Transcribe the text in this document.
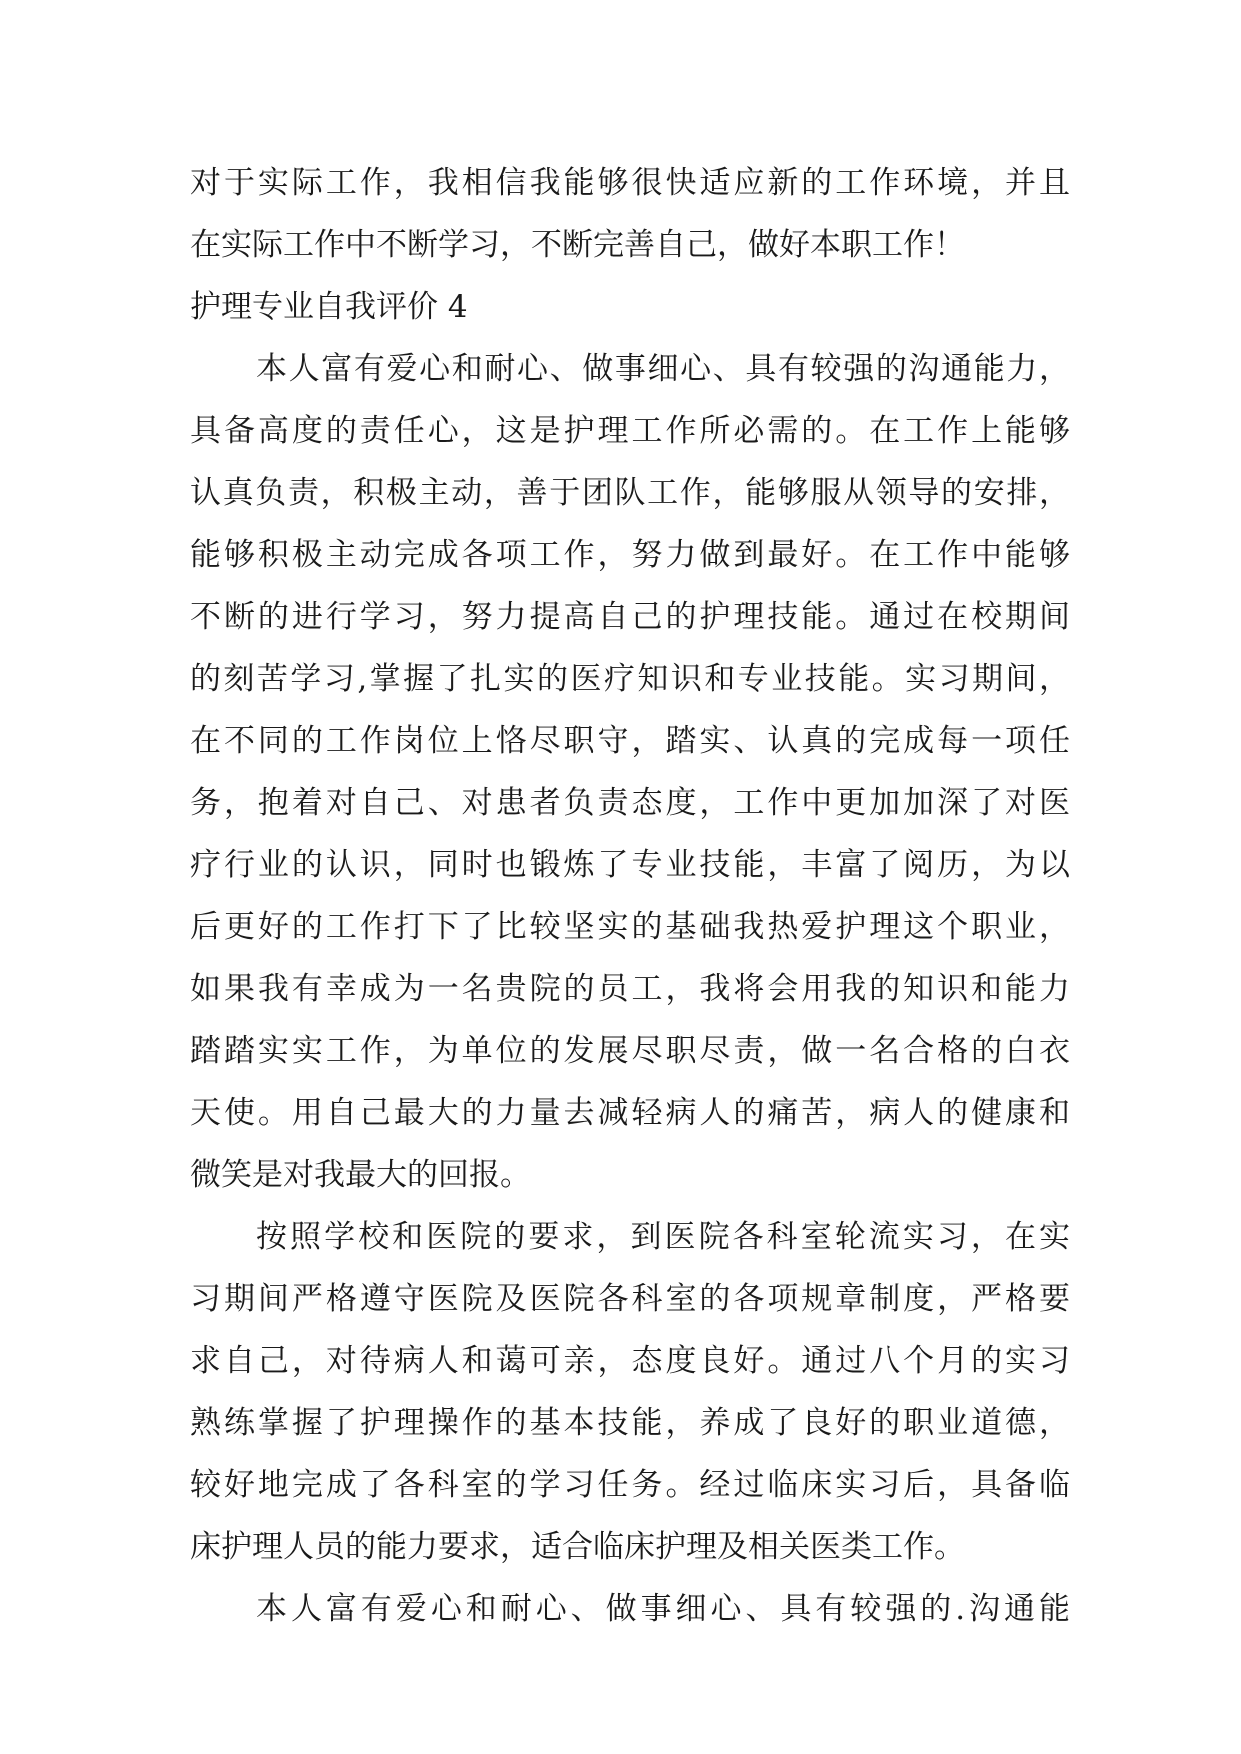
对于实际工作，我相信我能够很快适应新的工作环境，并且
在实际工作中不断学习，不断完善自己，做好本职工作！
护理专业自我评价 4
本人富有爱心和耐心、做事细心、具有较强的沟通能力，
具备高度的责任心，这是护理工作所必需的。在工作上能够
认真负责，积极主动，善于团队工作，能够服从领导的安排，
能够积极主动完成各项工作，努力做到最好。在工作中能够
不断的进行学习，努力提高自己的护理技能。通过在校期间
的刻苦学习,掌握了扎实的医疗知识和专业技能。实习期间，
在不同的工作岗位上恪尽职守，踏实、认真的完成每一项任
务，抱着对自己、对患者负责态度，工作中更加加深了对医
疗行业的认识，同时也锻炼了专业技能，丰富了阅历，为以
后更好的工作打下了比较坚实的基础我热爱护理这个职业，
如果我有幸成为一名贵院的员工，我将会用我的知识和能力
踏踏实实工作，为单位的发展尽职尽责，做一名合格的白衣
天使。用自己最大的力量去减轻病人的痛苦，病人的健康和
微笑是对我最大的回报。
按照学校和医院的要求，到医院各科室轮流实习，在实
习期间严格遵守医院及医院各科室的各项规章制度，严格要
求自己，对待病人和蔼可亲，态度良好。通过八个月的实习
熟练掌握了护理操作的基本技能，养成了良好的职业道德，
较好地完成了各科室的学习任务。经过临床实习后，具备临
床护理人员的能力要求，适合临床护理及相关医类工作。
本人富有爱心和耐心、做事细心、具有较强的.沟通能
